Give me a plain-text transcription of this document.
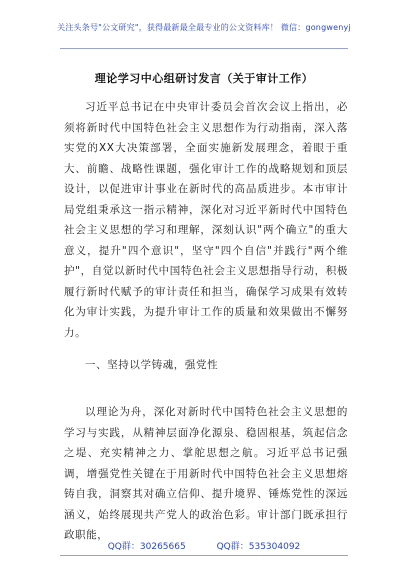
关注头条号"公文研究"，获得最新最全最专业的公文资料库！ 微信：gongwenyj
理论学习中心组研讨发言（关于审计工作）

习近平总书记在中央审计委员会首次会议上指出，必须将新时代中国特色社会主义思想作为行动指南，深入落实党的XX大决策部署，全面实施新发展理念，着眼于重大、前瞻、战略性课题，强化审计工作的战略规划和顶层设计，以促进审计事业在新时代的高品质进步。本市审计局党组秉承这一指示精神，深化对习近平新时代中国特色社会主义思想的学习和理解，深刻认识"两个确立"的重大意义，提升"四个意识"，坚守"四个自信"并践行"两个维护"，自觉以新时代中国特色社会主义思想指导行动，积极履行新时代赋予的审计责任和担当，确保学习成果有效转化为审计实践，为提升审计工作的质量和效果做出不懈努力。

一、坚持以学铸魂，强党性

以理论为舟，深化对新时代中国特色社会主义思想的学习与实践，从精神层面净化源泉、稳固根基，筑起信念之堤、充实精神之力、掌舵思想之航。习近平总书记强调，增强党性关键在于用新时代中国特色社会主义思想熔铸自我，洞察其对确立信仰、提升境界、锤炼党性的深远涵义，始终展现共产党人的政治色彩。审计部门既承担行政职能，

QQ群：30265665	QQ群：535304092
